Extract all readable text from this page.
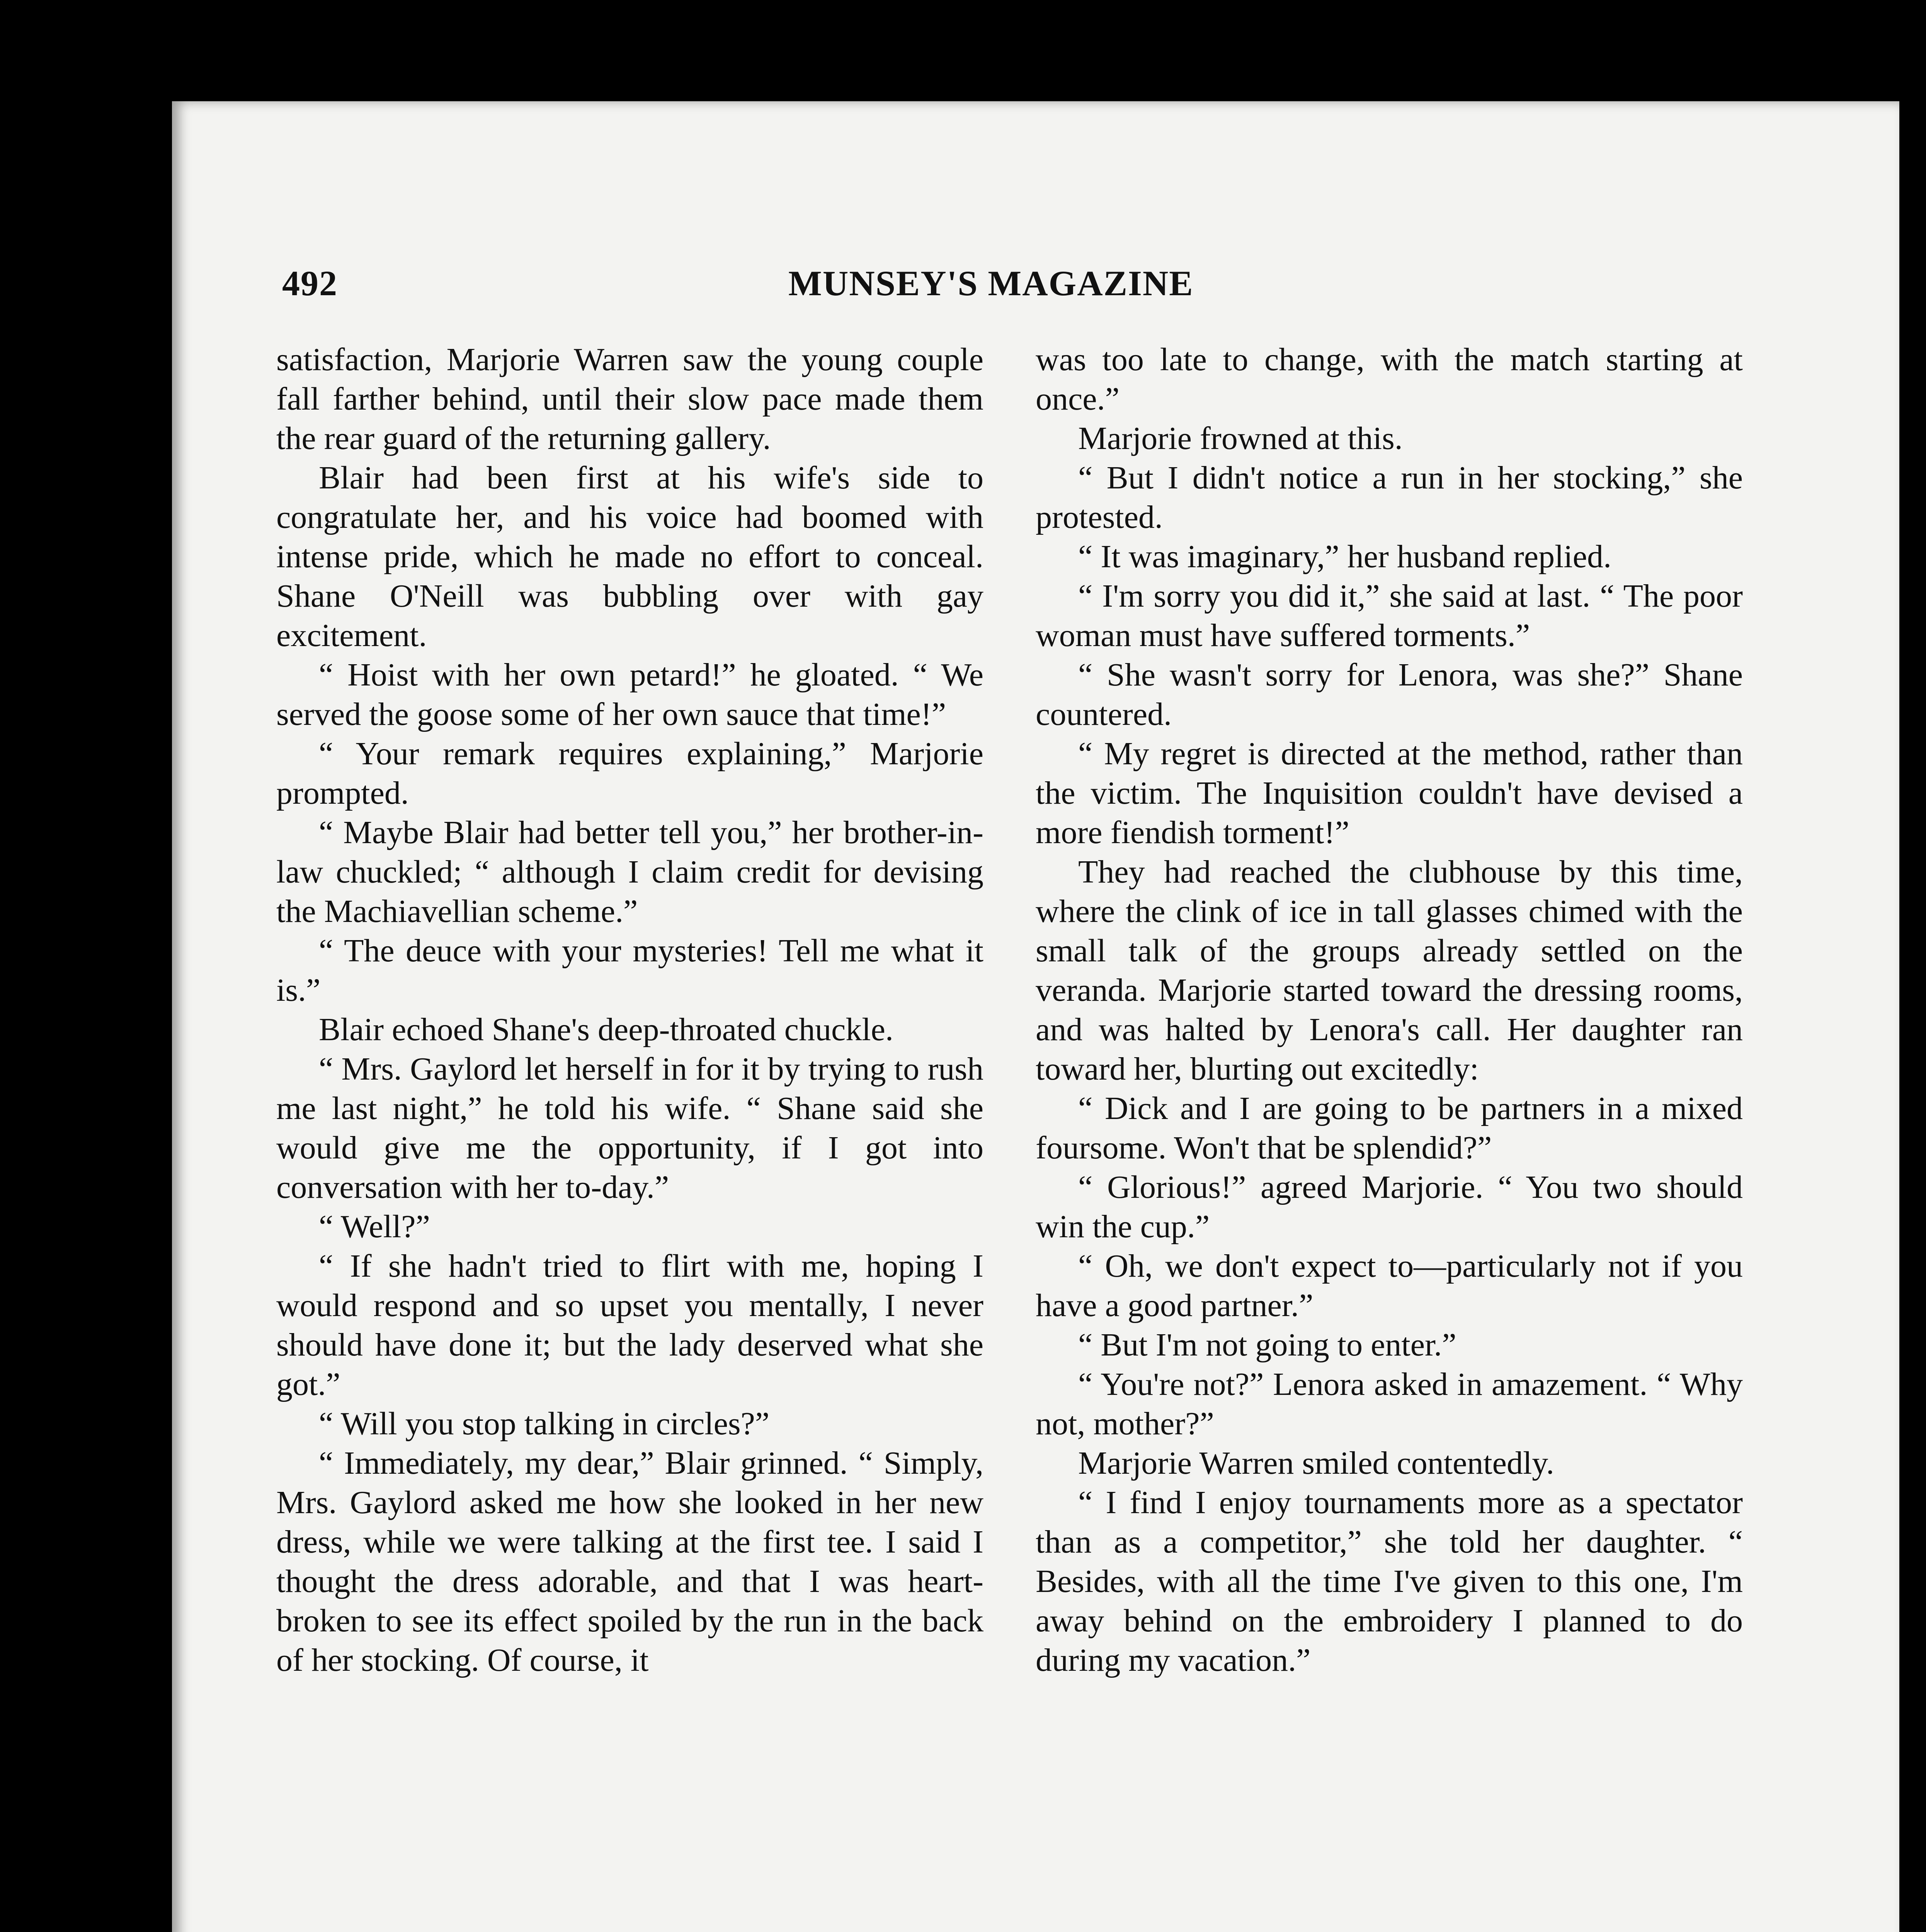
492	MUNSEY'S MAGAZINE

satisfaction, Marjorie Warren saw the young couple fall farther behind, until their slow pace made them the rear guard of the returning gallery.

Blair had been first at his wife's side to congratulate her, and his voice had boomed with intense pride, which he made no effort to conceal. Shane O'Neill was bubbling over with gay excitement.

“ Hoist with her own petard!” he gloated. “ We served the goose some of her own sauce that time!”

“ Your remark requires explaining,” Marjorie prompted.

“ Maybe Blair had better tell you,” her brother-in-law chuckled; “ although I claim credit for devising the Machiavellian scheme.”

“ The deuce with your mysteries! Tell me what it is.”

Blair echoed Shane's deep-throated chuckle.

“ Mrs. Gaylord let herself in for it by trying to rush me last night,” he told his wife. “ Shane said she would give me the opportunity, if I got into conversation with her to-day.”

“ Well?”

“ If she hadn't tried to flirt with me, hoping I would respond and so upset you mentally, I never should have done it; but the lady deserved what she got.”

“ Will you stop talking in circles?”

“ Immediately, my dear,” Blair grinned. “ Simply, Mrs. Gaylord asked me how she looked in her new dress, while we were talking at the first tee. I said I thought the dress adorable, and that I was heart-broken to see its effect spoiled by the run in the back of her stocking. Of course, it

was too late to change, with the match starting at once.”

Marjorie frowned at this.

“ But I didn't notice a run in her stocking,” she protested.

“ It was imaginary,” her husband replied.

“ I'm sorry you did it,” she said at last. “ The poor woman must have suffered torments.”

“ She wasn't sorry for Lenora, was she?” Shane countered.

“ My regret is directed at the method, rather than the victim. The Inquisition couldn't have devised a more fiendish torment!”

They had reached the clubhouse by this time, where the clink of ice in tall glasses chimed with the small talk of the groups already settled on the veranda. Marjorie started toward the dressing rooms, and was halted by Lenora's call. Her daughter ran toward her, blurting out excitedly:

“ Dick and I are going to be partners in a mixed foursome. Won't that be splendid?”

“ Glorious!” agreed Marjorie. “ You two should win the cup.”

“ Oh, we don't expect to—particularly not if you have a good partner.”

“ But I'm not going to enter.”

“ You're not?” Lenora asked in amazement. “ Why not, mother?”

Marjorie Warren smiled contentedly.

“ I find I enjoy tournaments more as a spectator than as a competitor,” she told her daughter. “ Besides, with all the time I've given to this one, I'm away behind on the embroidery I planned to do during my vacation.”
